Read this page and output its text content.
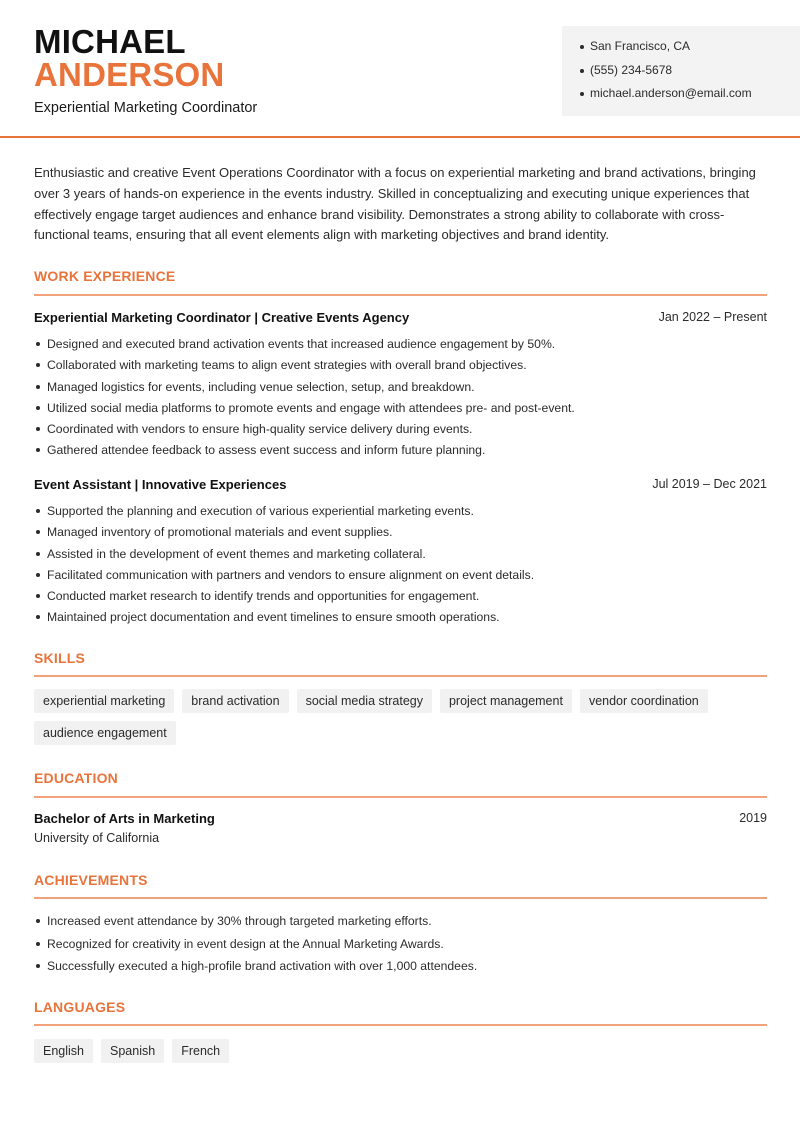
MICHAEL
ANDERSON
Experiential Marketing Coordinator
San Francisco, CA
(555) 234-5678
michael.anderson@email.com
Enthusiastic and creative Event Operations Coordinator with a focus on experiential marketing and brand activations, bringing over 3 years of hands-on experience in the events industry. Skilled in conceptualizing and executing unique experiences that effectively engage target audiences and enhance brand visibility. Demonstrates a strong ability to collaborate with cross-functional teams, ensuring that all event elements align with marketing objectives and brand identity.
WORK EXPERIENCE
Experiential Marketing Coordinator | Creative Events Agency	Jan 2022 – Present
Designed and executed brand activation events that increased audience engagement by 50%.
Collaborated with marketing teams to align event strategies with overall brand objectives.
Managed logistics for events, including venue selection, setup, and breakdown.
Utilized social media platforms to promote events and engage with attendees pre- and post-event.
Coordinated with vendors to ensure high-quality service delivery during events.
Gathered attendee feedback to assess event success and inform future planning.
Event Assistant | Innovative Experiences	Jul 2019 – Dec 2021
Supported the planning and execution of various experiential marketing events.
Managed inventory of promotional materials and event supplies.
Assisted in the development of event themes and marketing collateral.
Facilitated communication with partners and vendors to ensure alignment on event details.
Conducted market research to identify trends and opportunities for engagement.
Maintained project documentation and event timelines to ensure smooth operations.
SKILLS
experiential marketing	brand activation	social media strategy	project management	vendor coordination
audience engagement
EDUCATION
Bachelor of Arts in Marketing	2019
University of California
ACHIEVEMENTS
Increased event attendance by 30% through targeted marketing efforts.
Recognized for creativity in event design at the Annual Marketing Awards.
Successfully executed a high-profile brand activation with over 1,000 attendees.
LANGUAGES
English	Spanish	French
